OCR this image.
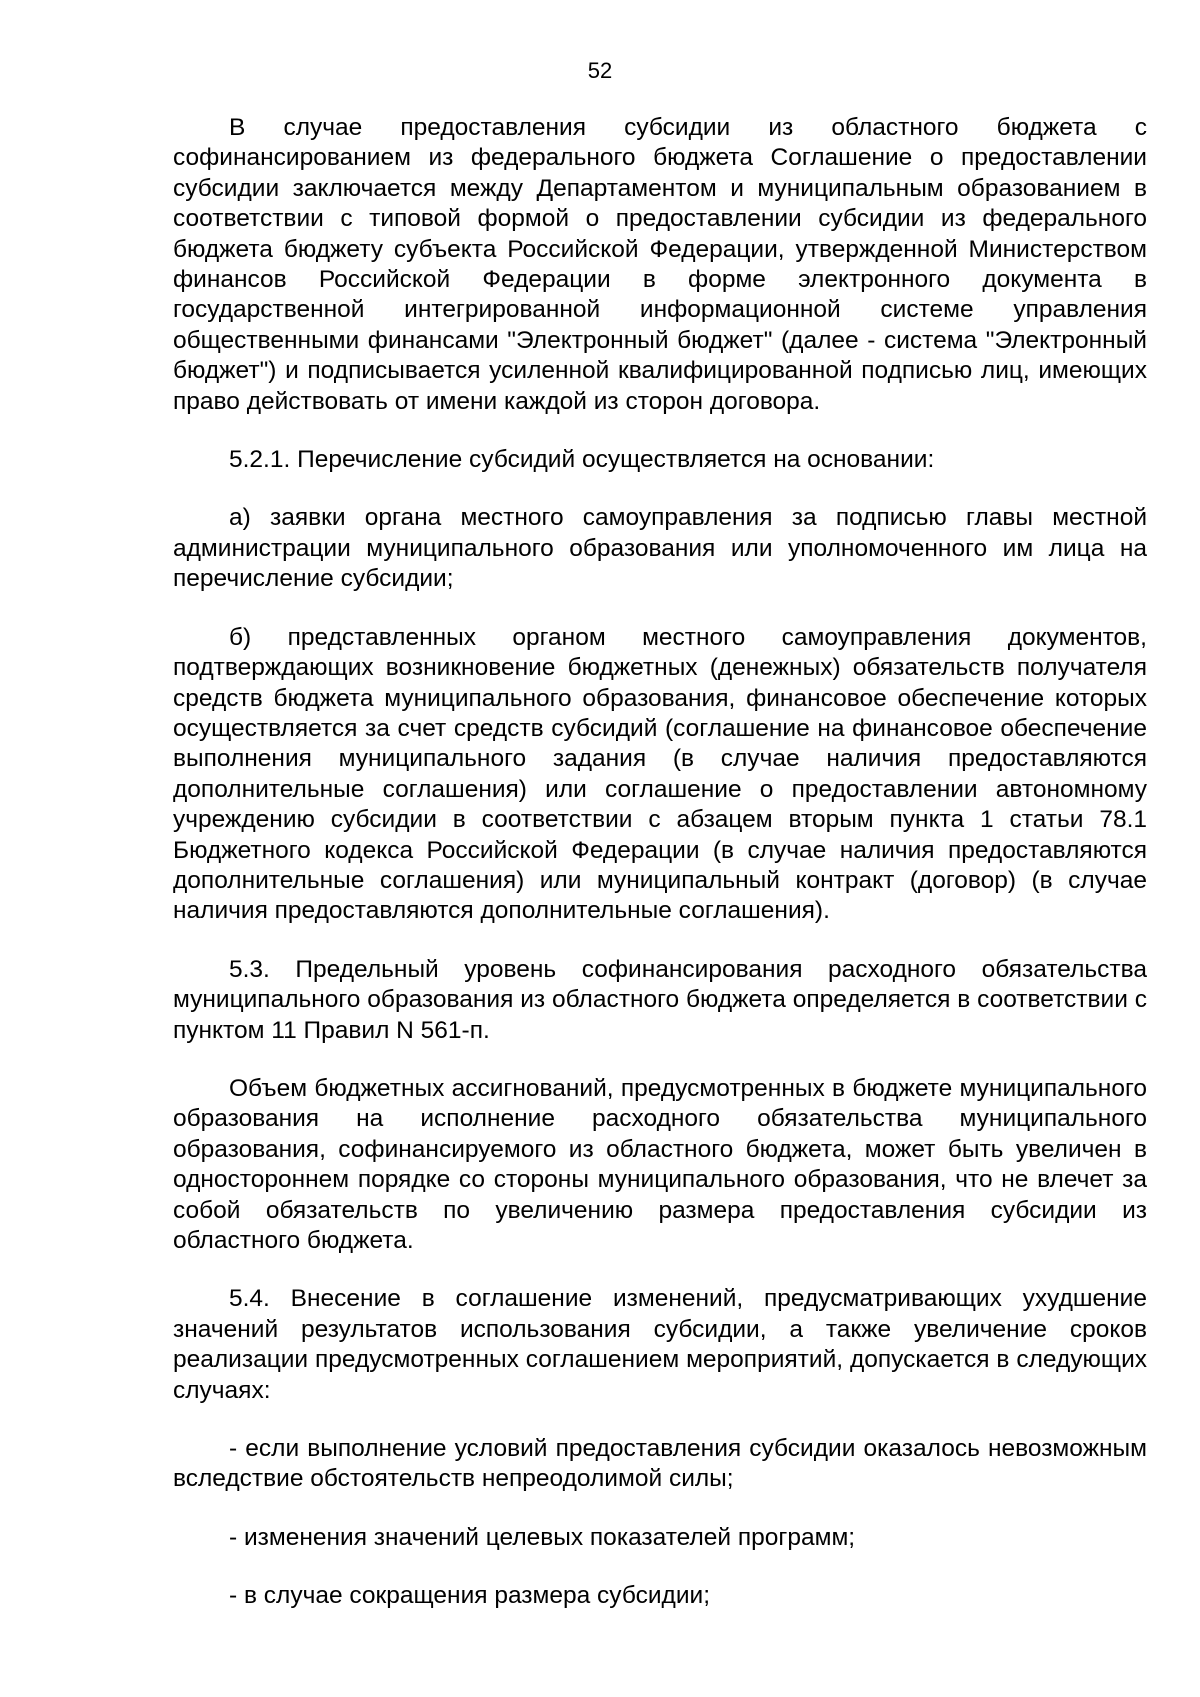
52

В случае предоставления субсидии из областного бюджета с софинансированием из федерального бюджета Соглашение о предоставлении субсидии заключается между Департаментом и муниципальным образованием в соответствии с типовой формой о предоставлении субсидии из федерального бюджета бюджету субъекта Российской Федерации, утвержденной Министерством финансов Российской Федерации в форме электронного документа в государственной интегрированной информационной системе управления общественными финансами "Электронный бюджет" (далее - система "Электронный бюджет") и подписывается усиленной квалифицированной подписью лиц, имеющих право действовать от имени каждой из сторон договора.

5.2.1. Перечисление субсидий осуществляется на основании:

а) заявки органа местного самоуправления за подписью главы местной администрации муниципального образования или уполномоченного им лица на перечисление субсидии;

б) представленных органом местного самоуправления документов, подтверждающих возникновение бюджетных (денежных) обязательств получателя средств бюджета муниципального образования, финансовое обеспечение которых осуществляется за счет средств субсидий (соглашение на финансовое обеспечение выполнения муниципального задания (в случае наличия предоставляются дополнительные соглашения) или соглашение о предоставлении автономному учреждению субсидии в соответствии с абзацем вторым пункта 1 статьи 78.1 Бюджетного кодекса Российской Федерации (в случае наличия предоставляются дополнительные соглашения) или муниципальный контракт (договор) (в случае наличия предоставляются дополнительные соглашения).

5.3. Предельный уровень софинансирования расходного обязательства муниципального образования из областного бюджета определяется в соответствии с пунктом 11 Правил N 561-п.

Объем бюджетных ассигнований, предусмотренных в бюджете муниципального образования на исполнение расходного обязательства муниципального образования, софинансируемого из областного бюджета, может быть увеличен в одностороннем порядке со стороны муниципального образования, что не влечет за собой обязательств по увеличению размера предоставления субсидии из областного бюджета.

5.4. Внесение в соглашение изменений, предусматривающих ухудшение значений результатов использования субсидии, а также увеличение сроков реализации предусмотренных соглашением мероприятий, допускается в следующих случаях:

- если выполнение условий предоставления субсидии оказалось невозможным вследствие обстоятельств непреодолимой силы;

- изменения значений целевых показателей программ;

- в случае сокращения размера субсидии;
